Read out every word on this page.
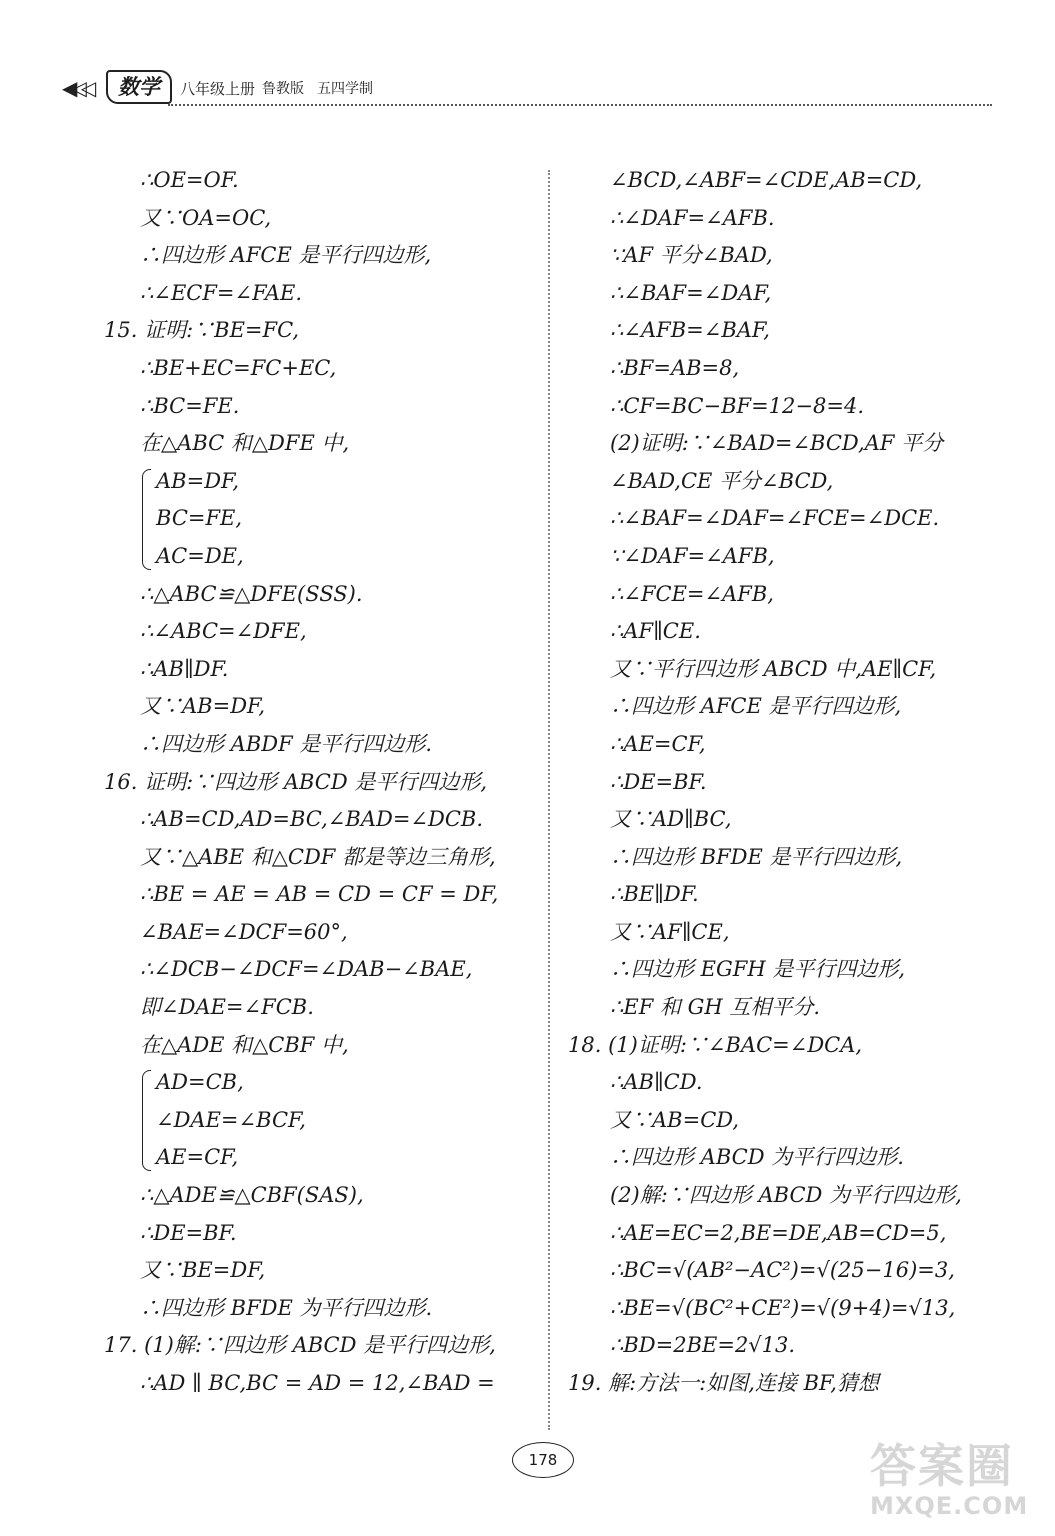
◀◁◁	数学	八年级上册 鲁教版 五四学制
∴OE=OF.
又∵OA=OC,
∴四边形 AFCE 是平行四边形,
∴∠ECF=∠FAE.
15. 证明:∵BE=FC,
∴BE+EC=FC+EC,
∴BC=FE.
在△ABC 和△DFE 中,
AB=DF,
BC=FE,
AC=DE,
∴△ABC≌△DFE(SSS).
∴∠ABC=∠DFE,
∴AB∥DF.
又∵AB=DF,
∴四边形 ABDF 是平行四边形.
16. 证明:∵四边形 ABCD 是平行四边形,
∴AB=CD,AD=BC,∠BAD=∠DCB.
又∵△ABE 和△CDF 都是等边三角形,
∴BE = AE = AB = CD = CF = DF,
∠BAE=∠DCF=60°,
∴∠DCB−∠DCF=∠DAB−∠BAE,
即∠DAE=∠FCB.
在△ADE 和△CBF 中,
AD=CB,
∠DAE=∠BCF,
AE=CF,
∴△ADE≌△CBF(SAS),
∴DE=BF.
又∵BE=DF,
∴四边形 BFDE 为平行四边形.
17. (1)解:∵四边形 ABCD 是平行四边形,
∴AD ∥ BC,BC = AD = 12,∠BAD =
∠BCD,∠ABF=∠CDE,AB=CD,
∴∠DAF=∠AFB.
∵AF 平分∠BAD,
∴∠BAF=∠DAF,
∴∠AFB=∠BAF,
∴BF=AB=8,
∴CF=BC−BF=12−8=4.
(2)证明:∵∠BAD=∠BCD,AF 平分
∠BAD,CE 平分∠BCD,
∴∠BAF=∠DAF=∠FCE=∠DCE.
∵∠DAF=∠AFB,
∴∠FCE=∠AFB,
∴AF∥CE.
又∵平行四边形 ABCD 中,AE∥CF,
∴四边形 AFCE 是平行四边形,
∴AE=CF,
∴DE=BF.
又∵AD∥BC,
∴四边形 BFDE 是平行四边形,
∴BE∥DF.
又∵AF∥CE,
∴四边形 EGFH 是平行四边形,
∴EF 和 GH 互相平分.
18. (1)证明:∵∠BAC=∠DCA,
∴AB∥CD.
又∵AB=CD,
∴四边形 ABCD 为平行四边形.
(2)解:∵四边形 ABCD 为平行四边形,
∴AE=EC=2,BE=DE,AB=CD=5,
∴BC=√(AB²−AC²)=√(25−16)=3,
∴BE=√(BC²+CE²)=√(9+4)=√13,
∴BD=2BE=2√13.
19. 解:方法一:如图,连接 BF,猜想
178	答案圈
MXQE.COM
